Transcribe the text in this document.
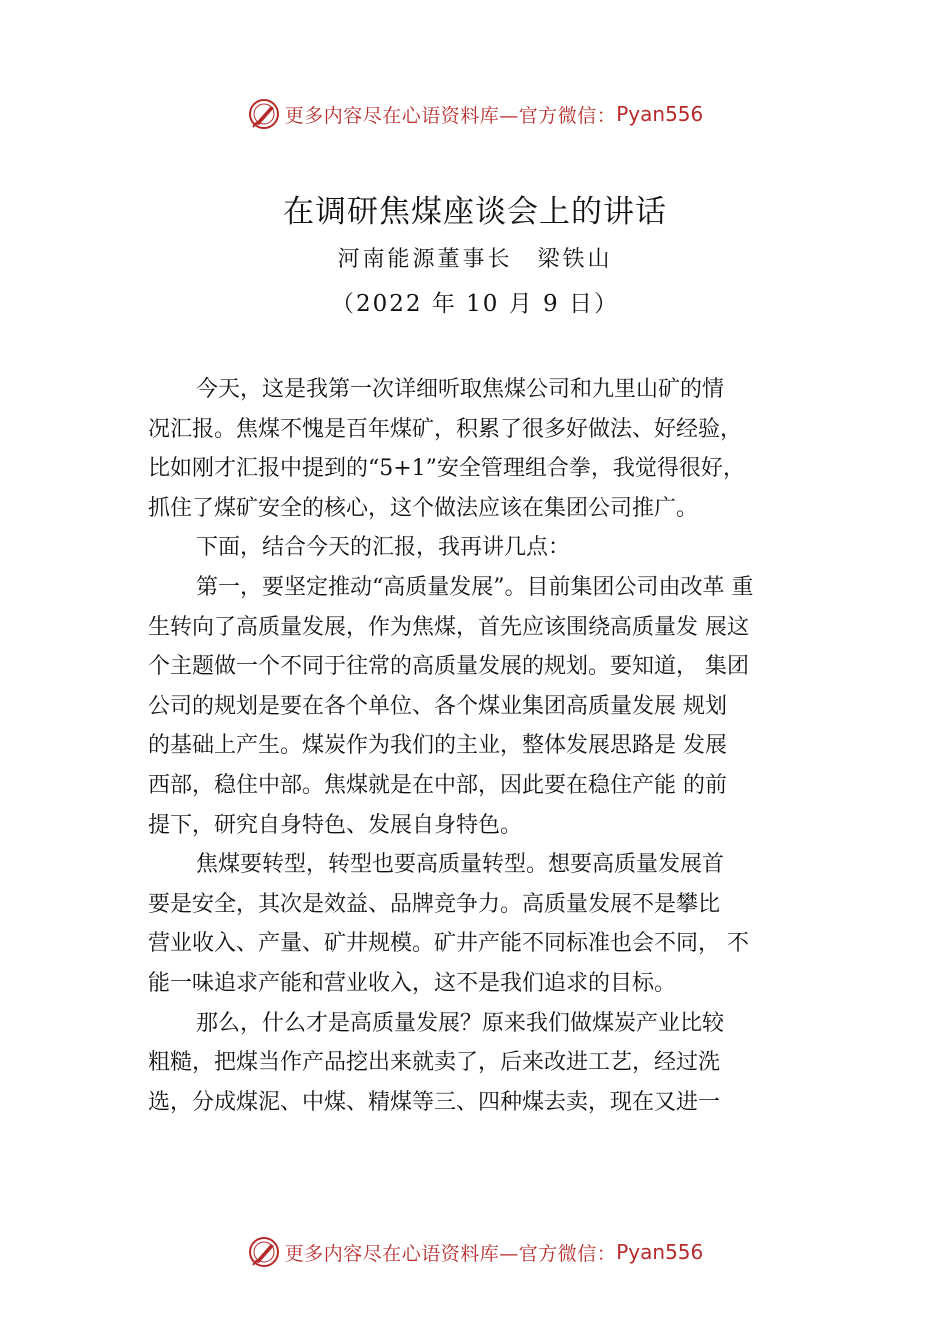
更多内容尽在心语资料库—官方微信： Pyan556
在调研焦煤座谈会上的讲话
河南能源董事长　梁铁山
（2022 年 10 月 9 日）
今天，这是我第一次详细听取焦煤公司和九里山矿的情
况汇报。焦煤不愧是百年煤矿，积累了很多好做法、好经验，
比如刚才汇报中提到的“5+1”安全管理组合拳，我觉得很好，
抓住了煤矿安全的核心，这个做法应该在集团公司推广。
下面，结合今天的汇报，我再讲几点：
第一，要坚定推动“高质量发展”。目前集团公司由改革 重
生转向了高质量发展，作为焦煤，首先应该围绕高质量发 展这
个主题做一个不同于往常的高质量发展的规划。要知道， 集团
公司的规划是要在各个单位、各个煤业集团高质量发展 规划
的基础上产生。煤炭作为我们的主业，整体发展思路是 发展
西部，稳住中部。焦煤就是在中部，因此要在稳住产能 的前
提下，研究自身特色、发展自身特色。
焦煤要转型，转型也要高质量转型。想要高质量发展首
要是安全，其次是效益、品牌竞争力。高质量发展不是攀比
营业收入、产量、矿井规模。矿井产能不同标准也会不同， 不
能一味追求产能和营业收入，这不是我们追求的目标。
那么，什么才是高质量发展？原来我们做煤炭产业比较
粗糙，把煤当作产品挖出来就卖了，后来改进工艺，经过洗
选，分成煤泥、中煤、精煤等三、四种煤去卖，现在又进一
更多内容尽在心语资料库—官方微信： Pyan556
